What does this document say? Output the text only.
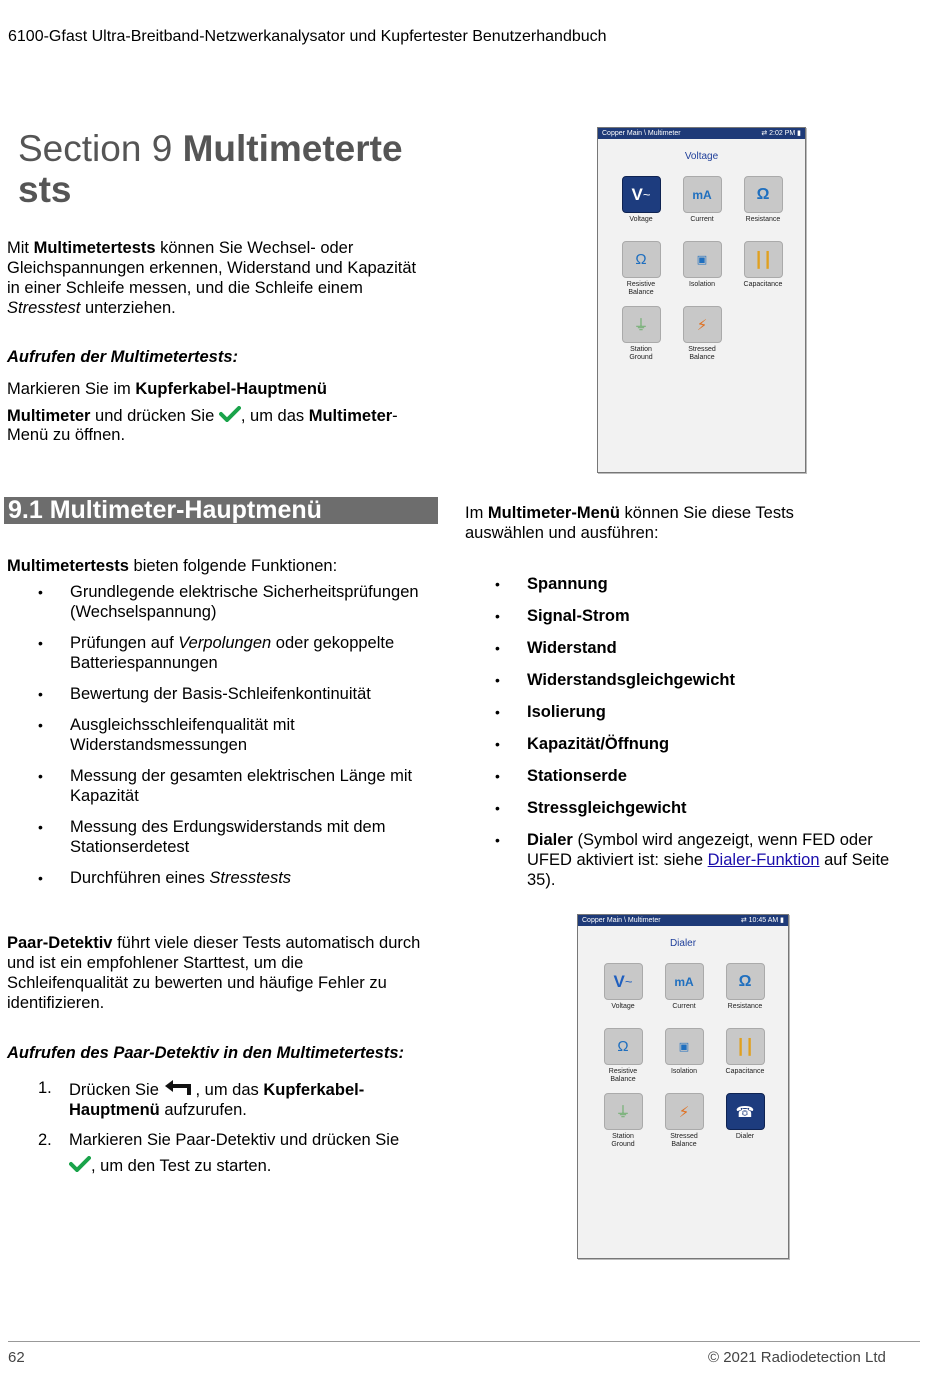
6100-Gfast Ultra-Breitband-Netzwerkanalysator und Kupfertester Benutzerhandbuch
Section 9 Multimeterte
sts
Mit Multimetertests können Sie Wechsel- oder Gleichspannungen erkennen, Widerstand und Kapazität in einer Schleife messen, und die Schleife einem Stresstest unterziehen.
Aufrufen der Multimetertests:
Markieren Sie im Kupferkabel-Hauptmenü
Multimeter und drücken Sie , um das Multimeter-
Menü zu öffnen.
Copper Main \ Multimeter	⇄ 2:02 PM ▮
Voltage
V ~
Voltage
mA
Current
Ω
Resistance
Ω
Resistive
Balance
▣
Isolation
┃┃
Capacitance
⏚
Station
Ground
⚡
Stressed
Balance
9.1 Multimeter-Hauptmenü
Multimetertests bieten folgende Funktionen:
• Grundlegende elektrische Sicherheitsprüfungen (Wechselspannung)
• Prüfungen auf Verpolungen oder gekoppelte Batteriespannungen
• Bewertung der Basis-Schleifenkontinuität
• Ausgleichsschleifenqualität mit Widerstandsmessungen
• Messung der gesamten elektrischen Länge mit Kapazität
• Messung des Erdungswiderstands mit dem Stationserdetest
• Durchführen eines Stresstests
Im Multimeter-Menü können Sie diese Tests auswählen und ausführen:
• Spannung
• Signal-Strom
• Widerstand
• Widerstandsgleichgewicht
• Isolierung
• Kapazität/Öffnung
• Stationserde
• Stressgleichgewicht
• Dialer (Symbol wird angezeigt, wenn FED oder UFED aktiviert ist: siehe Dialer-Funktion auf Seite 35).
Paar-Detektiv führt viele dieser Tests automatisch durch und ist ein empfohlener Starttest, um die Schleifenqualität zu bewerten und häufige Fehler zu identifizieren.
Aufrufen des Paar-Detektiv in den Multimetertests:
1.	Drücken Sie , um das Kupferkabel-Hauptmenü aufzurufen.
2.	Markieren Sie Paar-Detektiv und drücken Sie
, um den Test zu starten.
Copper Main \ Multimeter	⇄ 10:45 AM ▮
Dialer
V ~
Voltage
mA
Current
Ω
Resistance
Ω
Resistive
Balance
▣
Isolation
┃┃
Capacitance
⏚
Station
Ground
⚡
Stressed
Balance
☎
Dialer
62	© 2021 Radiodetection Ltd
